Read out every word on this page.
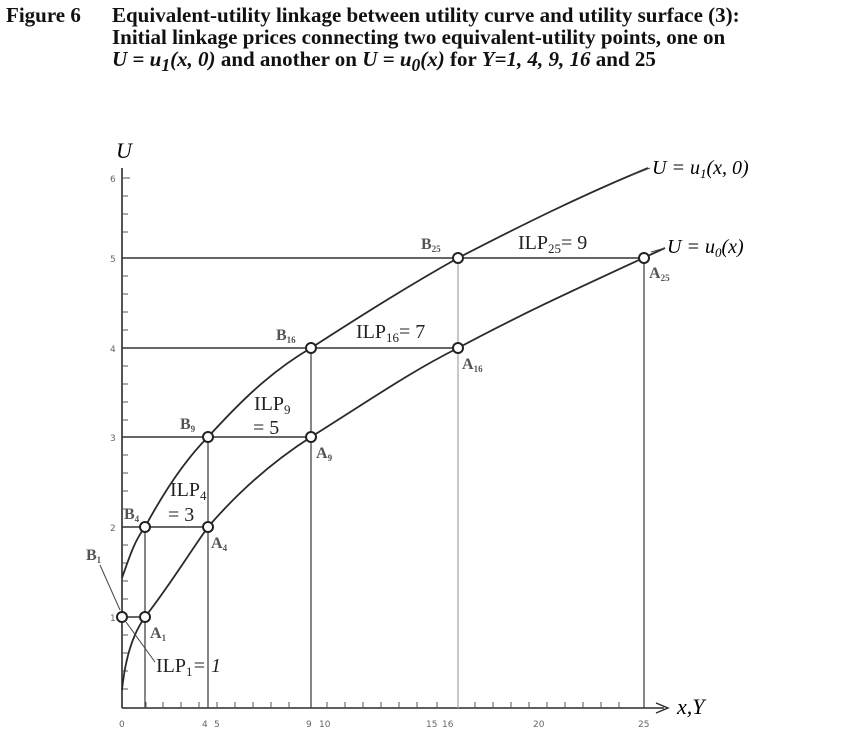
Figure 6 Equivalent-utility linkage between utility curve and utility surface (3):
Initial linkage prices connecting two equivalent-utility points, one on
$U = u_1(x$, 0) and another on $U = u_0(x)$ for Y=1, 4, 9, 16 and 25
U
x,Y
6
5
4
3
2
1
0	4 5	9 10	15 16	20	25
$U = u_1(x$, 0)
$U = u_0(x)$
B1
A1
B4
A4
B9
A9
B16
A16
B25
A25
$ILP_1= 1$
$ILP_4$
= 3
$ILP_9$
= 5
$ILP_{16}= 7$
$ILP_{25}= 9$
